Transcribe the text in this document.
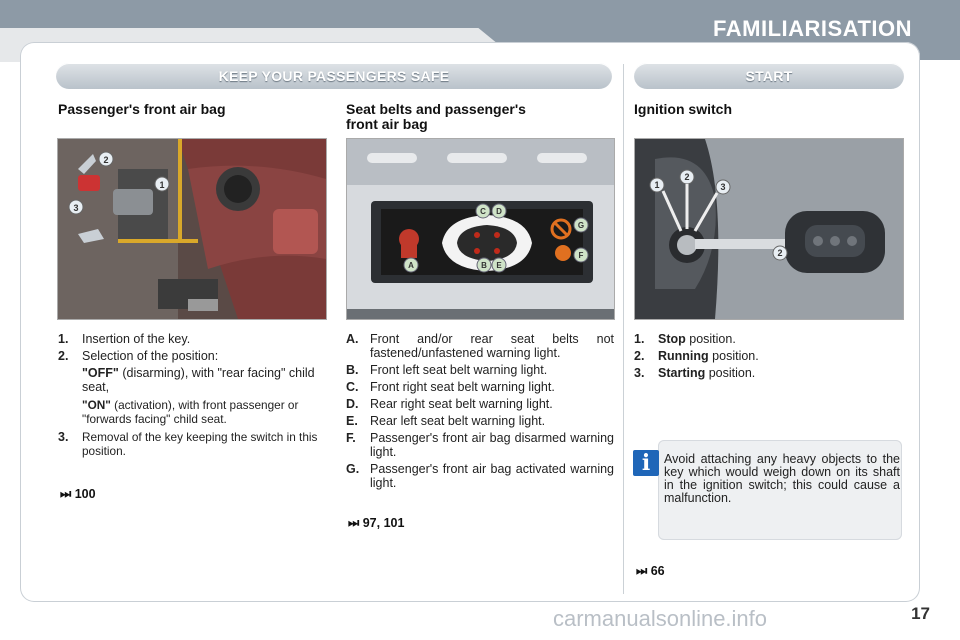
FAMILIARISATION
KEEP YOUR PASSENGERS SAFE	START
Passenger's front air bag
2
1
3
1.	Insertion of the key.
2.	Selection of the position:
"OFF" (disarming), with "rear facing" child seat,
"ON" (activation), with front passenger or "forwards facing" child seat.
3.	Removal of the key keeping the switch in this position.
⏭ 100
Seat belts and passenger's
front air bag
A	B
C D
E
F
G
A. Front and/or rear seat belts not fastened/unfastened warning light.
B. Front left seat belt warning light.
C. Front right seat belt warning light.
D. Rear right seat belt warning light.
E. Rear left seat belt warning light.
F.	Passenger's front air bag disarmed warning light.
G. Passenger's front air bag activated warning light.
⏭ 97, 101
Ignition switch
1
2
3
2
1.	Stop position.
2.	Running position.
3.	Starting position.
i	Avoid attaching any heavy objects to the key which would weigh down on its shaft in the ignition switch; this could cause a malfunction.
⏭ 66
carmanualsonline.info	17
